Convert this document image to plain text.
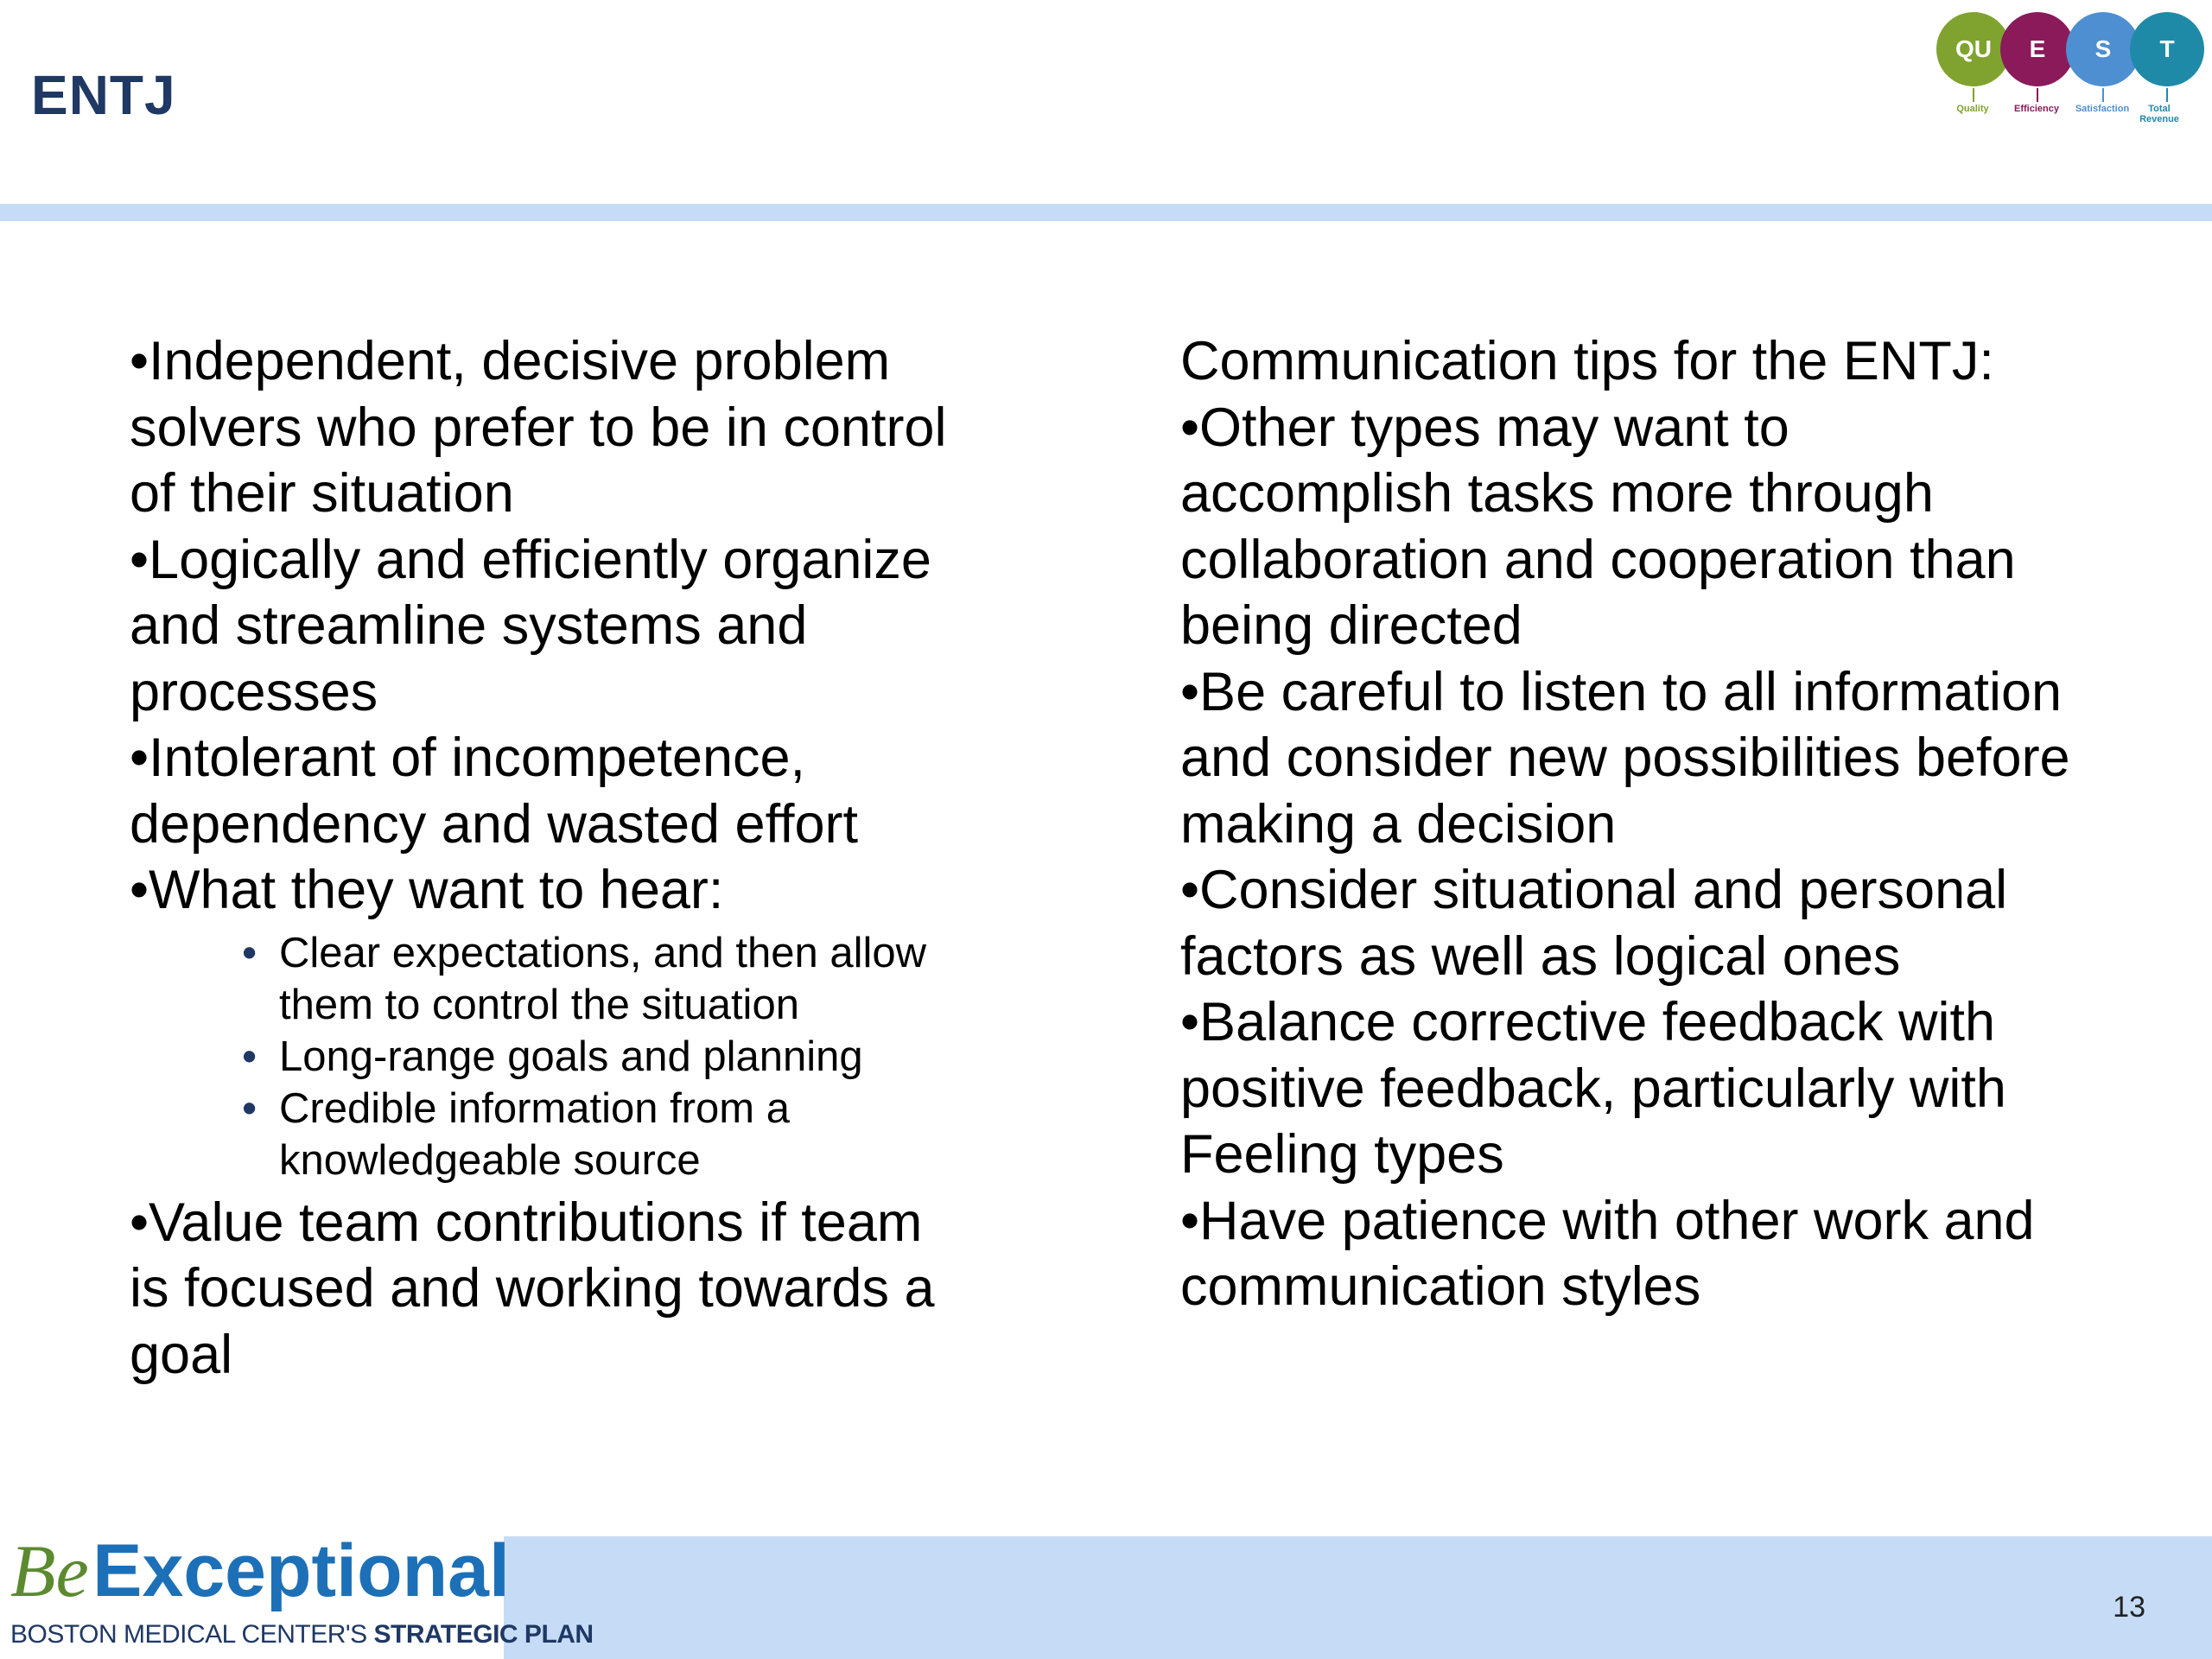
ENTJ
QU E S T
Quality	Efficiency	Satisfaction	Total Revenue
•Independent, decisive problem
solvers who prefer to be in control
of their situation
•Logically and efficiently organize
and streamline systems and
processes
•Intolerant of incompetence,
dependency and wasted effort
•What they want to hear:
• Clear expectations, and then allow
them to control the situation
• Long-range goals and planning
• Credible information from a
knowledgeable source
•Value team contributions if team
is focused and working towards a
goal
Communication tips for the ENTJ:
•Other types may want to
accomplish tasks more through
collaboration and cooperation than
being directed
•Be careful to listen to all information
and consider new possibilities before
making a decision
•Consider situational and personal
factors as well as logical ones
•Balance corrective feedback with
positive feedback, particularly with
Feeling types
•Have patience with other work and
communication styles
Be Exceptional
BOSTON MEDICAL CENTER'S STRATEGIC PLAN
13
